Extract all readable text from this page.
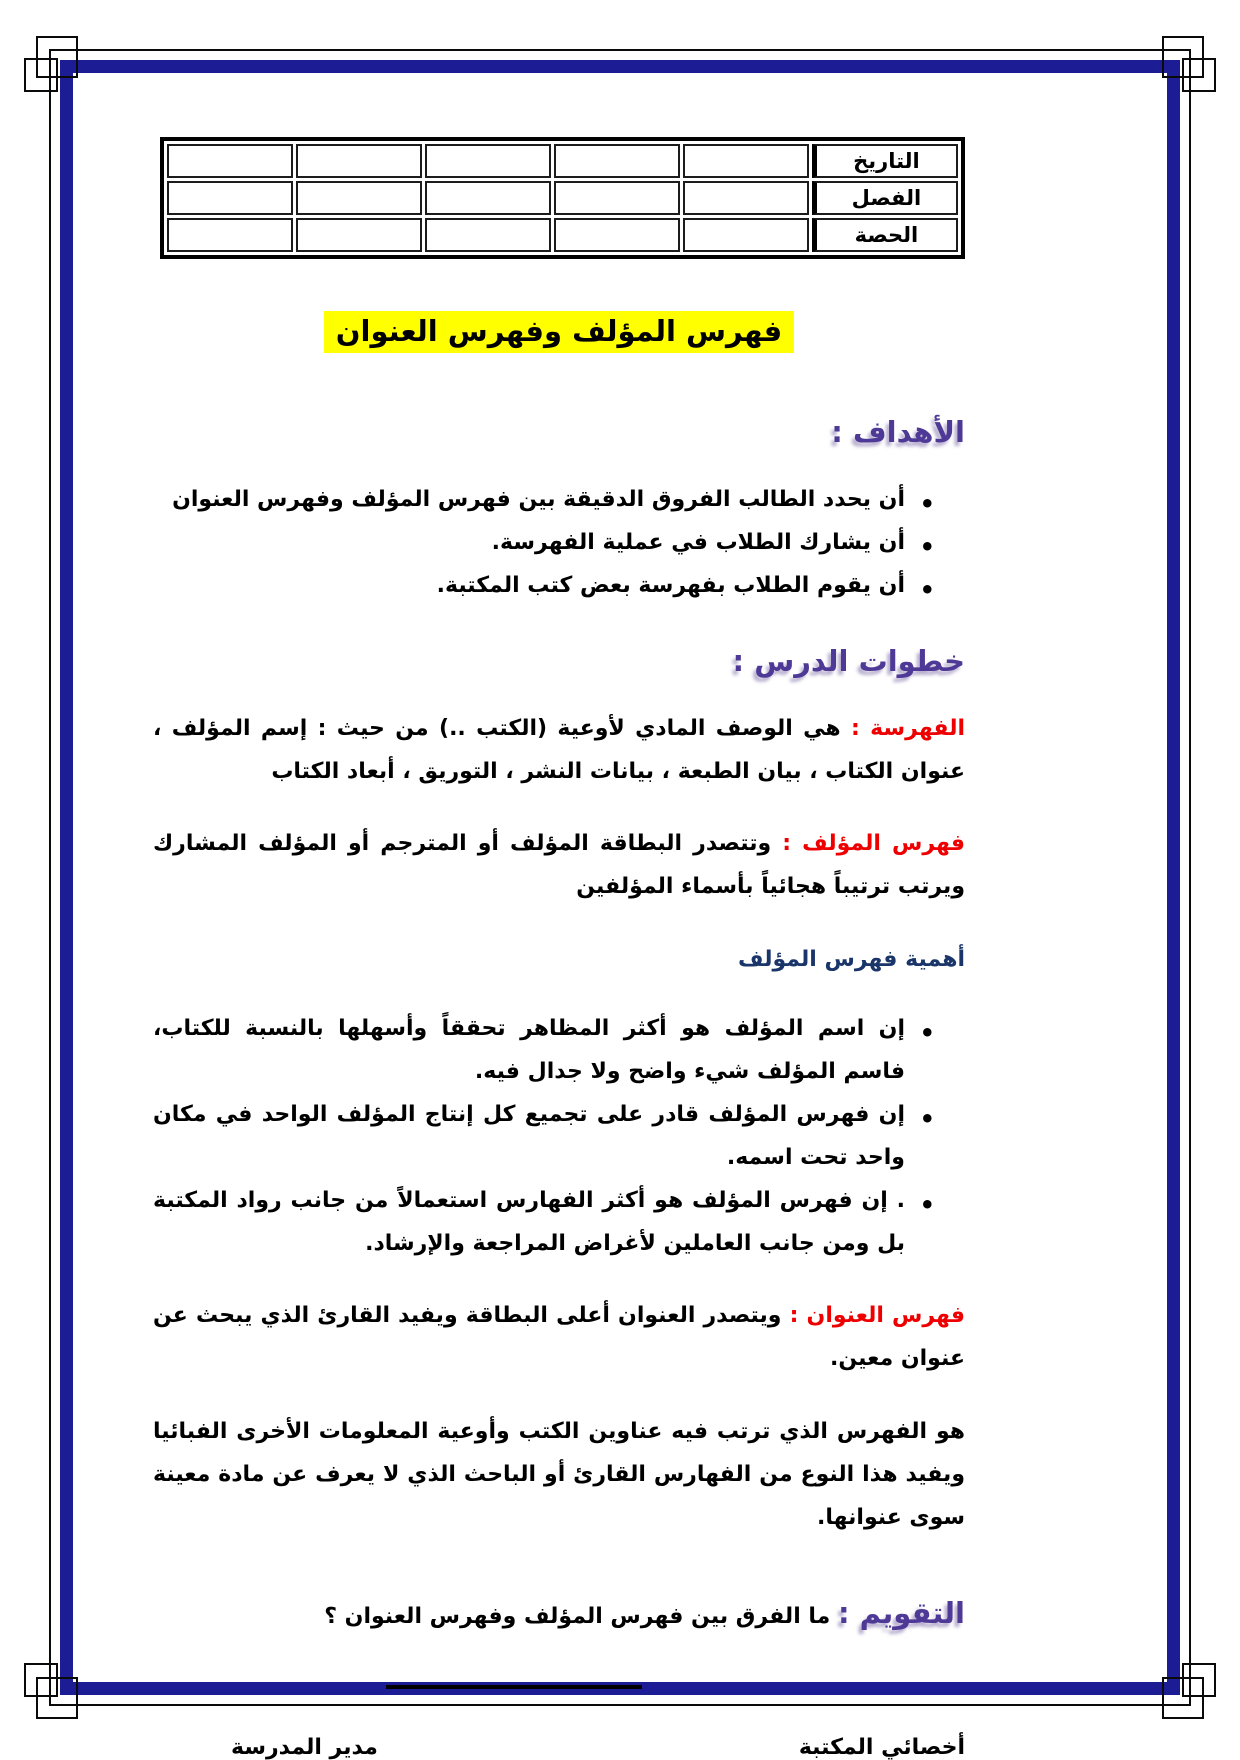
التاريخ					
الفصل					
الحصة					
فهرس المؤلف وفهرس العنوان
الأهداف :
• أن يحدد الطالب الفروق الدقيقة بين فهرس المؤلف وفهرس العنوان
• أن يشارك الطلاب في عملية الفهرسة.
• أن يقوم الطلاب بفهرسة بعض كتب المكتبة.
خطوات الدرس :

الفهرسة : هي الوصف المادي لأوعية (الكتب ..) من حيث : إسم المؤلف ، عنوان الكتاب ، بيان الطبعة ، بيانات النشر ، التوريق ، أبعاد الكتاب

فهرس المؤلف : وتتصدر البطاقة المؤلف أو المترجم أو المؤلف المشارك ويرتب ترتيباً هجائياً بأسماء المؤلفين

أهمية فهرس المؤلف

• إن اسم المؤلف هو أكثر المظاهر تحققاً وأسهلها بالنسبة للكتاب، فاسم المؤلف شيء واضح ولا جدال فيه.
• إن فهرس المؤلف قادر على تجميع كل إنتاج المؤلف الواحد في مكان واحد تحت اسمه.
• . إن فهرس المؤلف هو أكثر الفهارس استعمالاً من جانب رواد المكتبة بل ومن جانب العاملين لأغراض المراجعة والإرشاد.

فهرس العنوان : ويتصدر العنوان أعلى البطاقة ويفيد القارئ الذي يبحث عن عنوان معين.

هو الفهرس الذي ترتب فيه عناوين الكتب وأوعية المعلومات الأخرى الفبائيا ويفيد هذا النوع من الفهارس القارئ أو الباحث الذي لا يعرف عن مادة معينة سوى عنوانها.

التقويم : ما الفرق بين فهرس المؤلف وفهرس العنوان ؟

أخصائي المكتبة
مدير المدرسة
